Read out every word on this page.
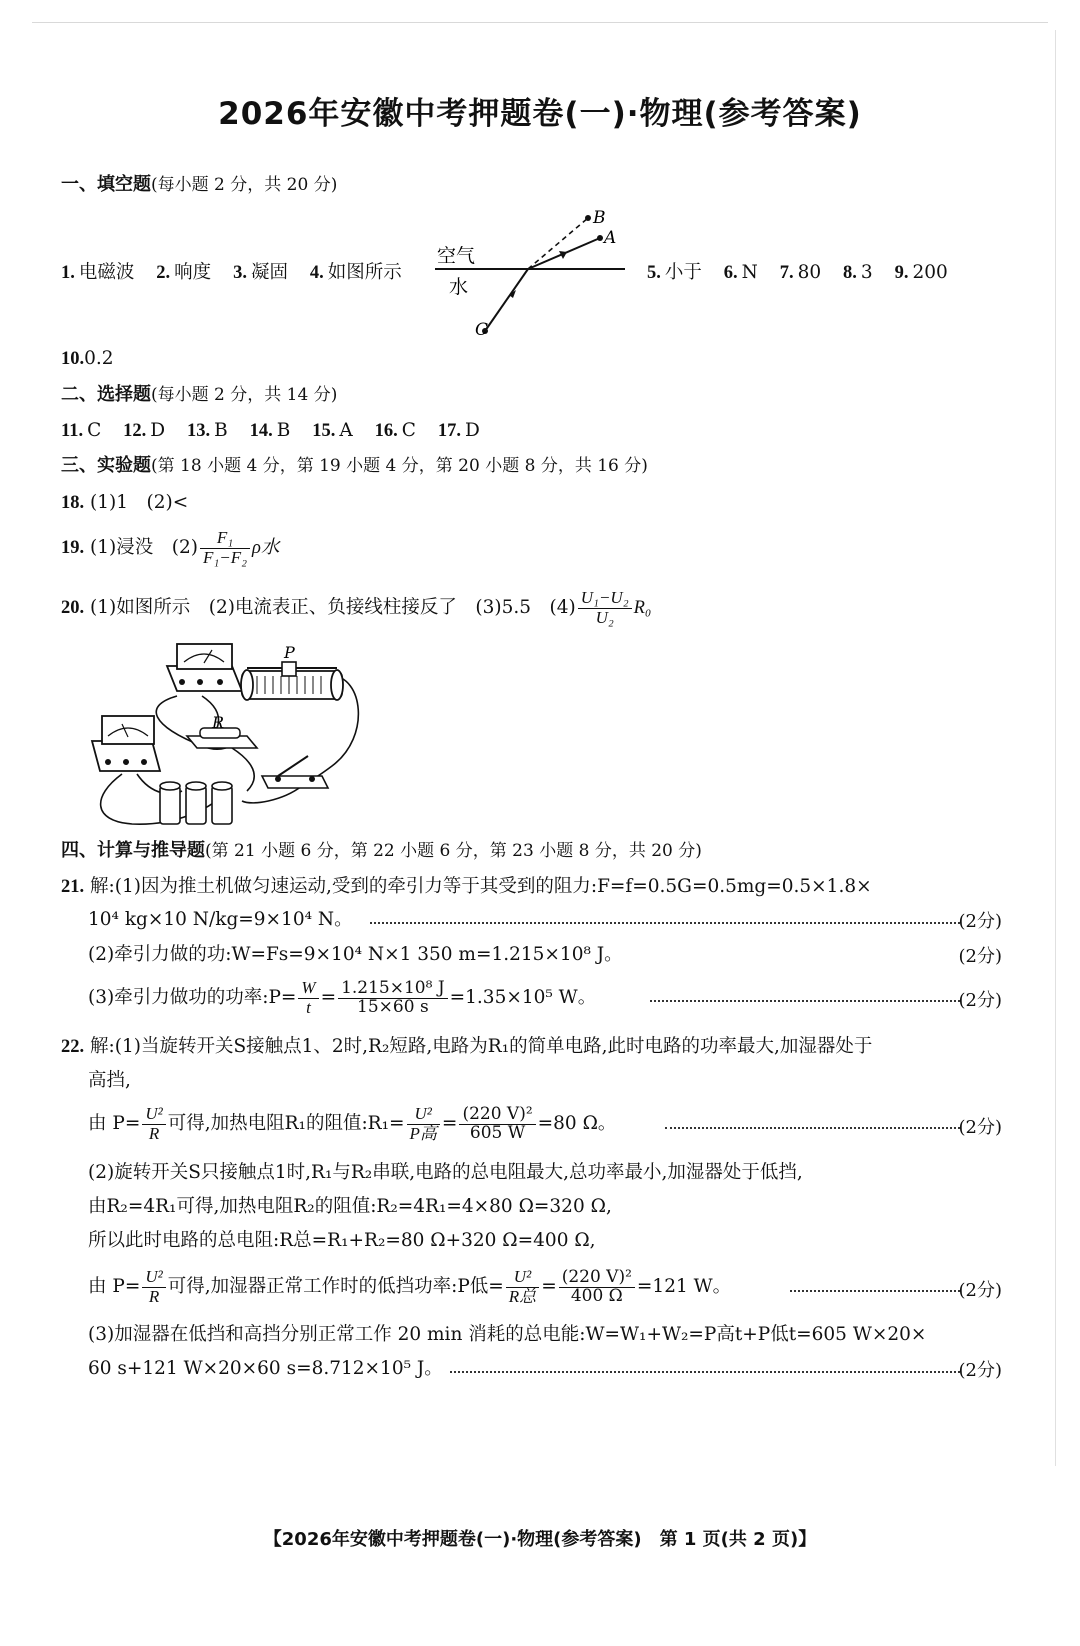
2026年安徽中考押题卷(一)·物理(参考答案)
一、填空题(每小题 2 分，共 20 分)
1. 电磁波 2. 响度 3. 凝固 4. 如图所示
空气
水
B
A
C
5. 小于 6. N 7. 80 8. 3 9. 200
10.0.2
二、选择题(每小题 2 分，共 14 分)
11. C 12. D 13. B 14. B 15. A 16. C 17. D
三、实验题(第 18 小题 4 分，第 19 小题 4 分，第 20 小题 8 分，共 16 分)
18. (1)1　(2)<
19. (1)浸没　$(2) \frac{\text{F₁}}{\text{F₁−F₂}}$ ρ水
20. (1)如图所示　(2)电流表正、负接线柱接反了　(3)5.5　$(4) \frac{\text{U₁−U₂}}{\text{U₂}} R_0$
P
R
四、计算与推导题(第 21 小题 6 分，第 22 小题 6 分，第 23 小题 8 分，共 20 分)
21. 解:(1)因为推土机做匀速运动,受到的牵引力等于其受到的阻力:F=f=0.5G=0.5mg=0.5×1.8×
10⁴ kg×10 N/kg=9×10⁴ N。	(2分)
(2)牵引力做的功:W=Fs=9×10⁴ N×1 350 m=1.215×10⁸ J。	(2分)
(3)牵引力做功的功率:P= $\frac{W}{t} = \frac{\text{1.215×10⁸ J}}{15\times 60 s} =1.35\times 10^5$ W。	(2分)
22. 解:(1)当旋转开关S接触点1、2时,R₂短路,电路为R₁的简单电路,此时电路的功率最大,加湿器处于
高挡,
由 $P= \frac{\text{U²}}{R}$ 可得,加热电阻R₁的阻值:R₁= $\frac{\text{U²}}{\text{P高}} = \frac{\text{(220 V)²}}{605 W} =80$ Ω。	(2分)
(2)旋转开关S只接触点1时,R₁与R₂串联,电路的总电阻最大,总功率最小,加湿器处于低挡,
由R₂=4R₁可得,加热电阻R₂的阻值:R₂=4R₁=4×80 Ω=320 Ω,
所以此时电路的总电阻:R总=R₁+R₂=80 Ω+320 Ω=400 Ω,
由 $P= \frac{\text{U²}}{R}$ 可得,加湿器正常工作时的低挡功率:P低= $\frac{\text{U²}}{\text{R总}} = \frac{\text{(220 V)²}}{400 \Omega} =121$ W。	(2分)
(3)加湿器在低挡和高挡分别正常工作 20 min 消耗的总电能:W=W₁+W₂=P高t+P低t=605 W×20×
60 s+121 W×20×60 s=8.712×10⁵ J。	(2分)
【2026年安徽中考押题卷(一)·物理(参考答案)　第 1 页(共 2 页)】
